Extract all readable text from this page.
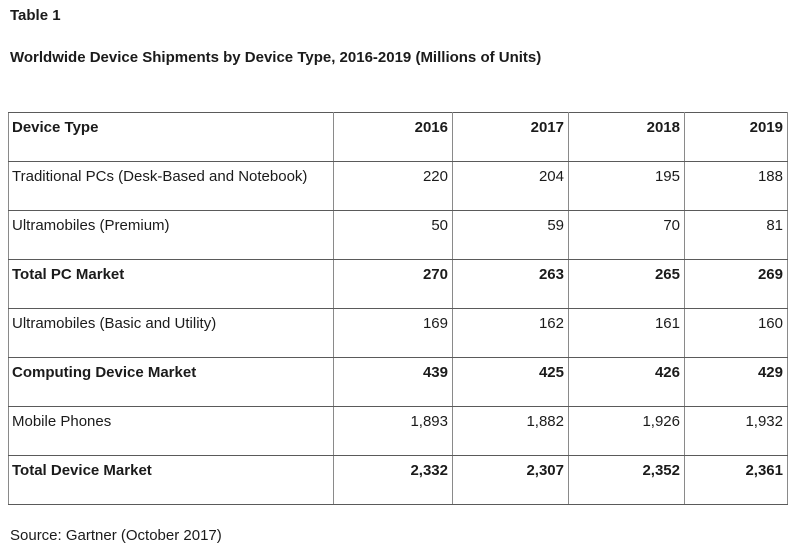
Table 1
Worldwide Device Shipments by Device Type, 2016-2019 (Millions of Units)
Device Type	2016	2017	2018	2019
Traditional PCs (Desk-Based and Notebook)	220	204	195	188
Ultramobiles (Premium)	50	59	70	81
Total PC Market	270	263	265	269
Ultramobiles (Basic and Utility)	169	162	161	160
Computing Device Market	439	425	426	429
Mobile Phones	1,893	1,882	1,926	1,932
Total Device Market	2,332	2,307	2,352	2,361
Source: Gartner (October 2017)
